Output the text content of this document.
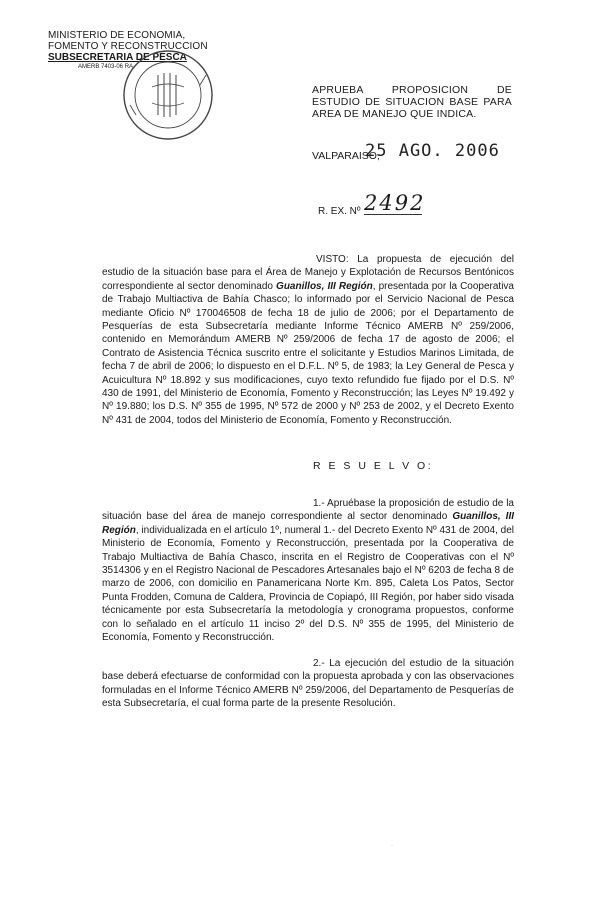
MINISTERIO DE ECONOMIA,
FOMENTO Y RECONSTRUCCION
SUBSECRETARIA DE PESCA
AMERB 7403-06 RA
APRUEBA PROPOSICION DE
ESTUDIO DE SITUACION BASE PARA
AREA DE MANEJO QUE INDICA.
VALPARAISO,
25 AGO. 2006
R. EX. Nº 2492
VISTO: La propuesta de ejecución del estudio de la situación base para el Área de Manejo y Explotación de Recursos Bentónicos correspondiente al sector denominado Guanillos, III Región, presentada por la Cooperativa de Trabajo Multiactiva de Bahía Chasco; lo informado por el Servicio Nacional de Pesca mediante Oficio Nº 170046508 de fecha 18 de julio de 2006; por el Departamento de Pesquerías de esta Subsecretaría mediante Informe Técnico AMERB Nº 259/2006, contenido en Memorándum AMERB Nº 259/2006 de fecha 17 de agosto de 2006; el Contrato de Asistencia Técnica suscrito entre el solicitante y Estudios Marinos Limitada, de fecha 7 de abril de 2006; lo dispuesto en el D.F.L. Nº 5, de 1983; la Ley General de Pesca y Acuicultura Nº 18.892 y sus modificaciones, cuyo texto refundido fue fijado por el D.S. Nº 430 de 1991, del Ministerio de Economía, Fomento y Reconstrucción; las Leyes Nº 19.492 y Nº 19.880; los D.S. Nº 355 de 1995, Nº 572 de 2000 y Nº 253 de 2002, y el Decreto Exento Nº 431 de 2004, todos del Ministerio de Economía, Fomento y Reconstrucción.
R E S U E L V O:
1.- Apruébase la proposición de estudio de la situación base del área de manejo correspondiente al sector denominado Guanillos, III Región, individualizada en el artículo 1º, numeral 1.- del Decreto Exento Nº 431 de 2004, del Ministerio de Economía, Fomento y Reconstrucción, presentada por la Cooperativa de Trabajo Multiactiva de Bahía Chasco, inscrita en el Registro de Cooperativas con el Nº 3514306 y en el Registro Nacional de Pescadores Artesanales bajo el Nº 6203 de fecha 8 de marzo de 2006, con domicilio en Panamericana Norte Km. 895, Caleta Los Patos, Sector Punta Frodden, Comuna de Caldera, Provincia de Copiapó, III Región, por haber sido visada técnicamente por esta Subsecretaría la metodología y cronograma propuestos, conforme con lo señalado en el artículo 11 inciso 2º del D.S. Nº 355 de 1995, del Ministerio de Economía, Fomento y Reconstrucción.
2.- La ejecución del estudio de la situación base deberá efectuarse de conformidad con la propuesta aprobada y con las observaciones formuladas en el Informe Técnico AMERB Nº 259/2006, del Departamento de Pesquerías de esta Subsecretaría, el cual forma parte de la presente Resolución.
·
